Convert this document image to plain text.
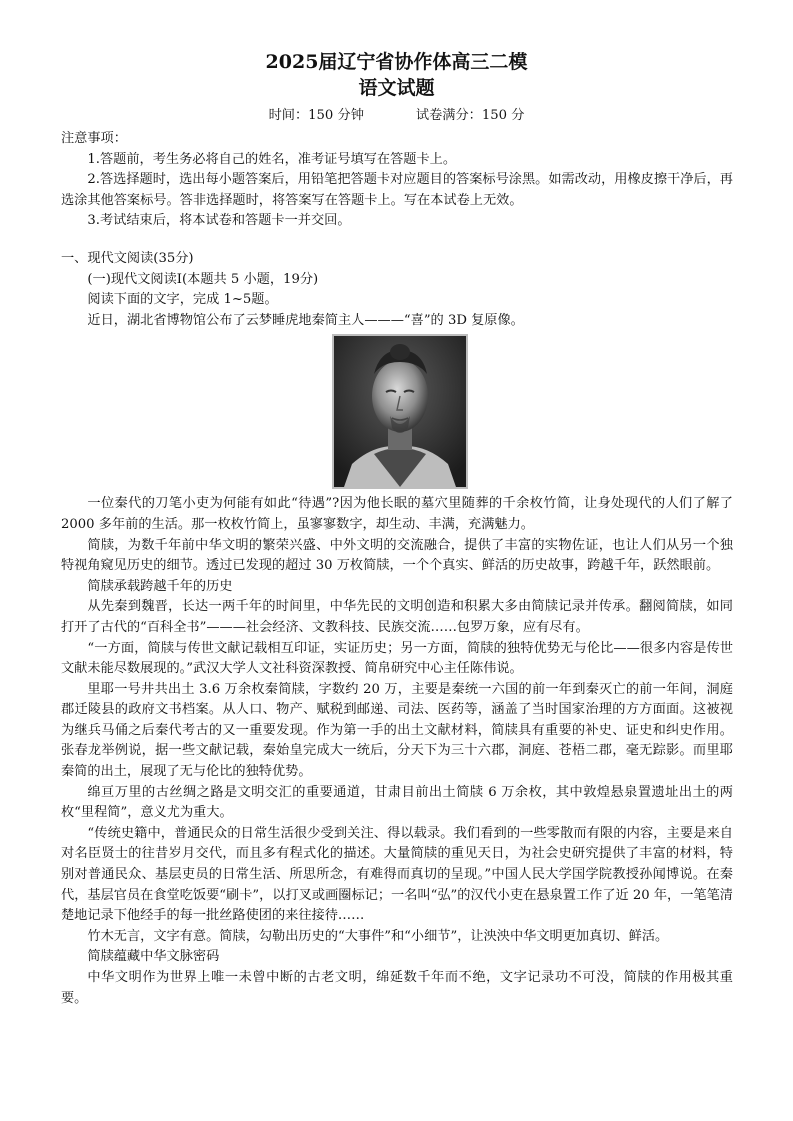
2025届辽宁省协作体高三二模
语文试题
时间：150 分钟	试卷满分：150 分

注意事项：

1.答题前，考生务必将自己的姓名，准考证号填写在答题卡上。

2.答选择题时，选出每小题答案后，用铅笔把答题卡对应题目的答案标号涂黑。如需改动，用橡皮擦干净后，再选涂其他答案标号。答非选择题时，将答案写在答题卡上。写在本试卷上无效。

3.考试结束后，将本试卷和答题卡一并交回。

一、现代文阅读(35分)

(一)现代文阅读Ⅰ(本题共 5 小题，19分)

阅读下面的文字，完成 1~5题。

近日，湖北省博物馆公布了云梦睡虎地秦简主人———“喜”的 3D 复原像。

一位秦代的刀笔小吏为何能有如此“待遇”?因为他长眠的墓穴里随葬的千余枚竹简，让身处现代的人们了解了2000 多年前的生活。那一枚枚竹简上，虽寥寥数字，却生动、丰满，充满魅力。

简牍，为数千年前中华文明的繁荣兴盛、中外文明的交流融合，提供了丰富的实物佐证，也让人们从另一个独特视角窥见历史的细节。透过已发现的超过 30 万枚简牍，一个个真实、鲜活的历史故事，跨越千年，跃然眼前。

简牍承载跨越千年的历史

从先秦到魏晋，长达一两千年的时间里，中华先民的文明创造和积累大多由简牍记录并传承。翻阅简牍，如同打开了古代的“百科全书”———社会经济、文教科技、民族交流……包罗万象，应有尽有。

“一方面，简牍与传世文献记载相互印证，实证历史；另一方面，简牍的独特优势无与伦比——很多内容是传世文献未能尽数展现的。”武汉大学人文社科资深教授、简帛研究中心主任陈伟说。

里耶一号井共出土 3.6 万余枚秦简牍，字数约 20 万，主要是秦统一六国的前一年到秦灭亡的前一年间，洞庭郡迁陵县的政府文书档案。从人口、物产、赋税到邮递、司法、医药等，涵盖了当时国家治理的方方面面。这被视为继兵马俑之后秦代考古的又一重要发现。作为第一手的出土文献材料，简牍具有重要的补史、证史和纠史作用。张春龙举例说，据一些文献记载，秦始皇完成大一统后，分天下为三十六郡，洞庭、苍梧二郡，毫无踪影。而里耶秦简的出土，展现了无与伦比的独特优势。

绵亘万里的古丝绸之路是文明交汇的重要通道，甘肃目前出土简牍 6 万余枚，其中敦煌悬泉置遗址出土的两枚“里程简”，意义尤为重大。

“传统史籍中，普通民众的日常生活很少受到关注、得以载录。我们看到的一些零散而有限的内容，主要是来自对名臣贤士的往昔岁月交代，而且多有程式化的描述。大量简牍的重见天日，为社会史研究提供了丰富的材料，特别对普通民众、基层吏员的日常生活、所思所念，有难得而真切的呈现。”中国人民大学国学院教授孙闻博说。在秦代，基层官员在食堂吃饭要“刷卡”，以打叉或画圈标记；一名叫“弘”的汉代小吏在悬泉置工作了近 20 年，一笔笔清楚地记录下他经手的每一批丝路使团的来往接待……

竹木无言，文字有意。简牍，勾勒出历史的“大事件”和“小细节”，让泱泱中华文明更加真切、鲜活。

简牍蕴藏中华文脉密码

中华文明作为世界上唯一未曾中断的古老文明，绵延数千年而不绝，文字记录功不可没，简牍的作用极其重要。
